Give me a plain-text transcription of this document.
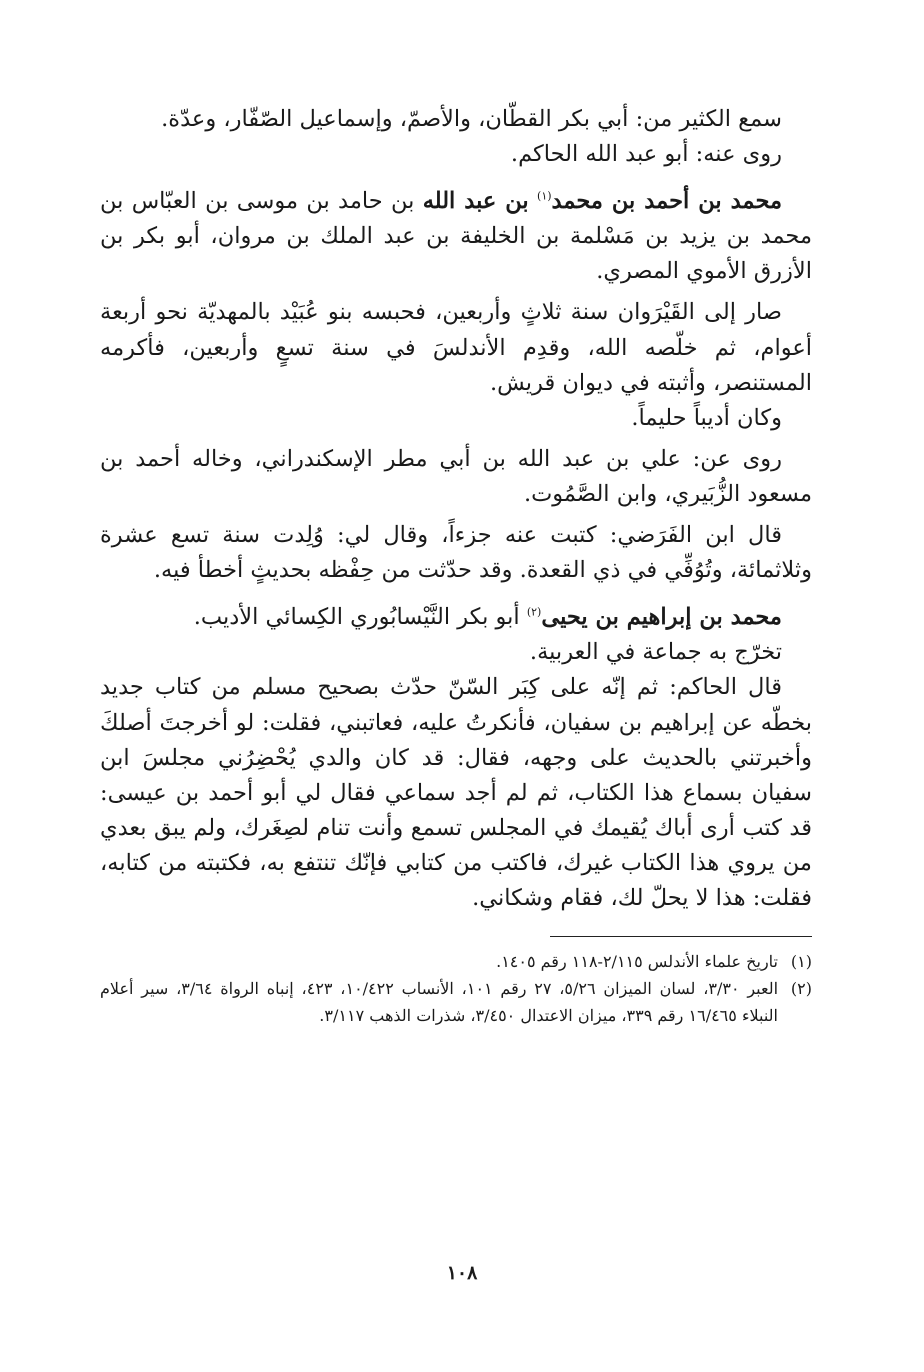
سمع الكثير من: أبي بكر القطّان، والأصمّ، وإسماعيل الصّفّار، وعدّة.

روى عنه: أبو عبد الله الحاكم.

محمد بن أحمد بن محمد$^{(١)}$ بن عبد الله بن حامد بن موسى بن العبّاس بن محمد بن يزيد بن مَسْلمة بن الخليفة بن عبد الملك بن مروان، أبو بكر بن الأزرق الأموي المصري.

صار إلى القَيْرَوان سنة ثلاثٍ وأربعين، فحبسه بنو عُبَيْد بالمهديّة نحو أربعة أعوام، ثم خلّصه الله، وقدِم الأندلسَ في سنة تسعٍ وأربعين، فأكرمه المستنصر، وأثبته في ديوان قريش.

وكان أديباً حليماً.

روى عن: علي بن عبد الله بن أبي مطر الإسكندراني، وخاله أحمد بن مسعود الزُّبَيري، وابن الصَّمُوت.

قال ابن الفَرَضي: كتبت عنه جزءاً، وقال لي: وُلِدت سنة تسع عشرة وثلاثمائة، وتُوُفِّي في ذي القعدة. وقد حدّثت من حِفْظه بحديثٍ أخطأ فيه.

محمد بن إبراهيم بن يحيى$^{(٢)}$ أبو بكر النَّيْسابُوري الكِسائي الأديب.

تخرّج به جماعة في العربية.

قال الحاكم: ثم إنّه على كِبَر السّنّ حدّث بصحيح مسلم من كتاب جديد بخطّه عن إبراهيم بن سفيان، فأنكرتُ عليه، فعاتبني، فقلت: لو أخرجتَ أصلكَ وأخبرتني بالحديث على وجهه، فقال: قد كان والدي يُحْضِرُني مجلسَ ابن سفيان بسماع هذا الكتاب، ثم لم أجد سماعي فقال لي أبو أحمد بن عيسى: قد كتب أرى أباك يُقيمك في المجلس تسمع وأنت تنام لصِغَرك، ولم يبق بعدي من يروي هذا الكتاب غيرك، فاكتب من كتابي فإنّك تنتفع به، فكتبته من كتابه، فقلت: هذا لا يحلّ لك، فقام وشكاني.

(١)
تاريخ علماء الأندلس ٢/١١٥-١١٨ رقم ١٤٠٥.

(٢)
العبر ٣/٣٠، لسان الميزان ٥/٢٦، ٢٧ رقم ١٠١، الأنساب ١٠/٤٢٢، ٤٢٣، إنباه الرواة ٣/٦٤، سير أعلام النبلاء ١٦/٤٦٥ رقم ٣٣٩، ميزان الاعتدال ٣/٤٥٠، شذرات الذهب ٣/١١٧.

١٠٨
